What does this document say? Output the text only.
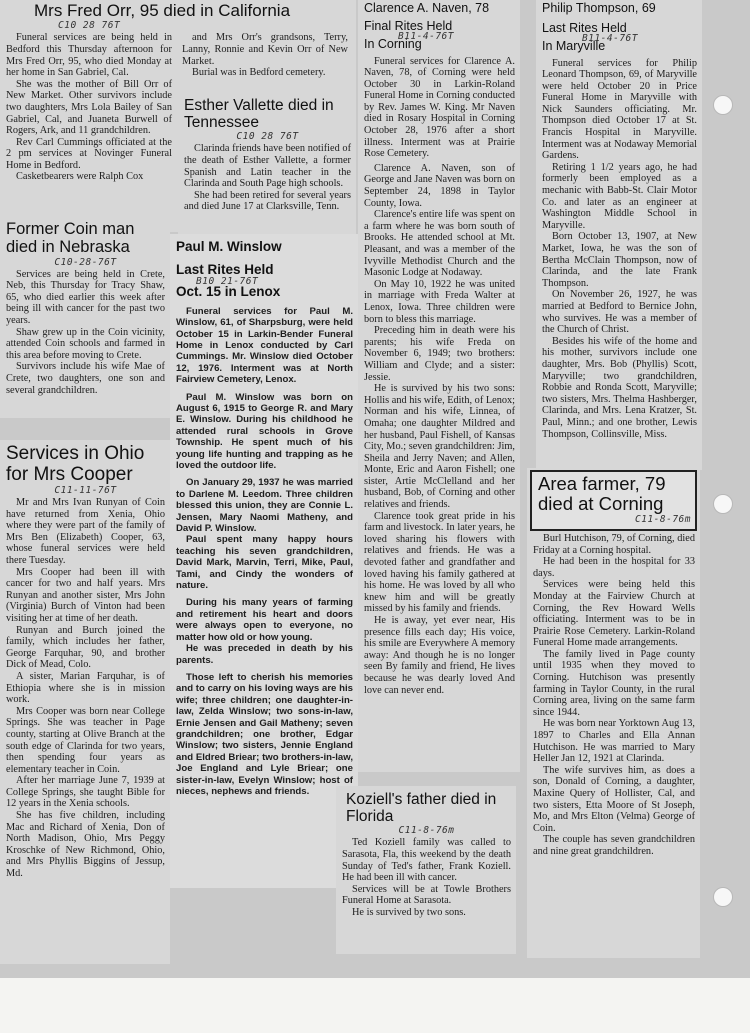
Mrs Fred Orr, 95 died in California
C10 28 76T

Funeral services are being held in Bedford this Thursday afternoon for Mrs Fred Orr, 95, who died Monday at her home in San Gabriel, Cal.

She was the mother of Bill Orr of New Market. Other survivors include two daughters, Mrs Lola Bailey of San Gabriel, Cal, and Juaneta Burwell of Rogers, Ark, and 11 grandchildren.

Rev Carl Cummings officiated at the 2 pm services at Novinger Funeral Home in Bedford.

Casketbearers were Ralph Cox

and Mrs Orr's grandsons, Terry, Lanny, Ronnie and Kevin Orr of New Market.

Burial was in Bedford cemetery.

Esther Vallette died in Tennessee
C10 28 76T

Clarinda friends have been notified of the death of Esther Vallette, a former Spanish and Latin teacher in the Clarinda and South Page high schools.

She had been retired for several years and died June 17 at Clarksville, Tenn.

Former Coin man died in Nebraska
C10-28-76T

Services are being held in Crete, Neb, this Thursday for Tracy Shaw, 65, who died earlier this week after being ill with cancer for the past two years.

Shaw grew up in the Coin vicinity, attended Coin schools and farmed in this area before moving to Crete.

Survivors include his wife Mae of Crete, two daughters, one son and several grandchildren.

Paul M. Winslow
Last Rites Held
B10 21-76T
Oct. 15 in Lenox

Funeral services for Paul M. Winslow, 61, of Sharpsburg, were held October 15 in Larkin-Bender Funeral Home in Lenox conducted by Carl Cummings. Mr. Winslow died October 12, 1976. Interment was at North Fairview Cemetery, Lenox.

Paul M. Winslow was born on August 6, 1915 to George R. and Mary E. Winslow. During his childhood he attended rural schools in Grove Township. He spent much of his young life hunting and trapping as he loved the outdoor life.

On January 29, 1937 he was married to Darlene M. Leedom. Three children blessed this union, they are Connie L. Jensen, Mary Naomi Matheny, and David P. Winslow.

Paul spent many happy hours teaching his seven grandchildren, David Mark, Marvin, Terri, Mike, Paul, Tami, and Cindy the wonders of nature.

During his many years of farming and retirement his heart and doors were always open to everyone, no matter how old or how young.

He was preceded in death by his parents.

Those left to cherish his memories and to carry on his loving ways are his wife; three children; one daughter-in-law, Zelda Winslow; two sons-in-law, Ernie Jensen and Gail Matheny; seven grandchildren; one brother, Edgar Winslow; two sisters, Jennie England and Eldred Briear; two brothers-in-law, Joe England and Lyle Briear; one sister-in-law, Evelyn Winslow; host of nieces, nephews and friends.

Clarence A. Naven, 78
Final Rites Held
B11-4-76T
In Corning

Funeral services for Clarence A. Naven, 78, of Corning were held October 30 in Larkin-Roland Funeral Home in Corning conducted by Rev. James W. King. Mr Naven died in Rosary Hospital in Corning October 28, 1976 after a short illness. Interment was at Prairie Rose Cemetery.

Clarence A. Naven, son of George and Jane Naven was born on September 24, 1898 in Taylor County, Iowa.

Clarence's entire life was spent on a farm where he was born south of Brooks. He attended school at Mt. Pleasant, and was a member of the Ivyville Methodist Church and the Masonic Lodge at Nodaway.

On May 10, 1922 he was united in marriage with Freda Walter at Lenox, Iowa. Three children were born to bless this marriage.

Preceding him in death were his parents; his wife Freda on November 6, 1949; two brothers: William and Clyde; and a sister: Jessie.

He is survived by his two sons: Hollis and his wife, Edith, of Lenox; Norman and his wife, Linnea, of Omaha; one daughter Mildred and her husband, Paul Fishell, of Kansas City, Mo.; seven grandchildren: Jim, Sheila and Jerry Naven; and Allen, Monte, Eric and Aaron Fishell; one sister, Artie McClelland and her husband, Bob, of Corning and other relatives and friends.

Clarence took great pride in his farm and livestock. In later years, he loved sharing his flowers with relatives and friends. He was a devoted father and grandfather and loved having his family gathered at his home. He was loved by all who knew him and will be greatly missed by his family and friends.

He is away, yet ever near, His presence fills each day; His voice, his smile are Everywhere A memory away: And though he is no longer seen By family and friend, He lives because he was dearly loved And love can never end.

Philip Thompson, 69
Last Rites Held
B11-4-76T
In Maryville

Funeral services for Philip Leonard Thompson, 69, of Maryville were held October 20 in Price Funeral Home in Maryville with Nick Saunders officiating. Mr. Thompson died October 17 at St. Francis Hospital in Maryville. Interment was at Nodaway Memorial Gardens.

Retiring 1 1/2 years ago, he had formerly been employed as a mechanic with Babb-St. Clair Motor Co. and later as an engineer at Washington Middle School in Maryville.

Born October 13, 1907, at New Market, Iowa, he was the son of Bertha McClain Thompson, now of Clarinda, and the late Frank Thompson.

On November 26, 1927, he was married at Bedford to Bernice John, who survives. He was a member of the Church of Christ.

Besides his wife of the home and his mother, survivors include one daughter, Mrs. Bob (Phyllis) Scott, Maryville; two grandchildren, Robbie and Ronda Scott, Maryville; two sisters, Mrs. Thelma Hashberger, Clarinda, and Mrs. Lena Kratzer, St. Paul, Minn.; and one brother, Lewis Thompson, Collinsville, Miss.

Services in Ohio for Mrs Cooper
C11-11-76T

Mr and Mrs Ivan Runyan of Coin have returned from Xenia, Ohio where they were part of the family of Mrs Ben (Elizabeth) Cooper, 63, whose funeral services were held there Tuesday.

Mrs Cooper had been ill with cancer for two and half years. Mrs Runyan and another sister, Mrs John (Virginia) Burch of Vinton had been visiting her at time of her death.

Runyan and Burch joined the family, which includes her father, George Farquhar, 90, and brother Dick of Mead, Colo.

A sister, Marian Farquhar, is of Ethiopia where she is in mission work.

Mrs Cooper was born near College Springs. She was teacher in Page county, starting at Olive Branch at the south edge of Clarinda for two years, then spending four years as elementary teacher in Coin.

After her marriage June 7, 1939 at College Springs, she taught Bible for 12 years in the Xenia schools.

She has five children, including Mac and Richard of Xenia, Don of North Madison, Ohio, Mrs Peggy Kroschke of New Richmond, Ohio, and Mrs Phyllis Biggins of Jessup, Md.

Area farmer, 79 died at Corning
C11-8-76m

Burl Hutchison, 79, of Corning, died Friday at a Corning hospital.

He had been in the hospital for 33 days.

Services were being held this Monday at the Fairview Church at Corning, the Rev Howard Wells officiating. Interment was to be in Prairie Rose Cemetery. Larkin-Roland Funeral Home made arrangements.

The family lived in Page county until 1935 when they moved to Corning. Hutchison was presently farming in Taylor County, in the rural Corning area, living on the same farm since 1944.

He was born near Yorktown Aug 13, 1897 to Charles and Ella Annan Hutchison. He was married to Mary Heller Jan 12, 1921 at Clarinda.

The wife survives him, as does a son, Donald of Corning, a daughter, Maxine Query of Hollister, Cal, and two sisters, Etta Moore of St Joseph, Mo, and Mrs Elton (Velma) George of Coin.

The couple has seven grandchildren and nine great grandchildren.

Koziell's father died in Florida
C11-8-76m

Ted Koziell family was called to Sarasota, Fla, this weekend by the death Sunday of Ted's father, Frank Koziell. He had been ill with cancer.

Services will be at Towle Brothers Funeral Home at Sarasota.

He is survived by two sons.
